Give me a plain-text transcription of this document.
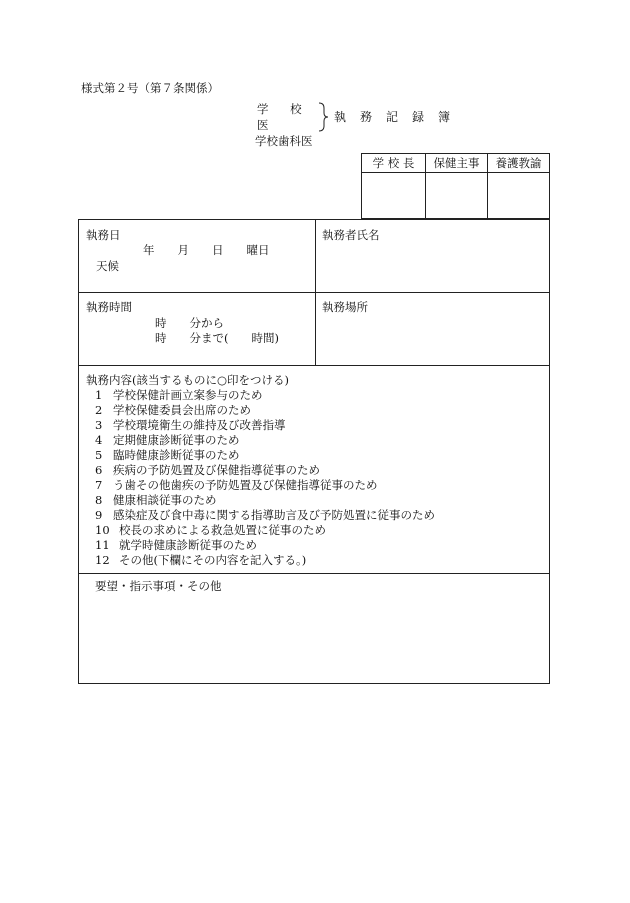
様式第２号（第７条関係）
学 校 医
学校歯科医
執務記録簿
学 校 長	保健主事	養護教諭

執務日
年　　月　　日　　曜日
天候
執務者氏名
執務時間
時　　分から
時　　分まで(　　時間)
執務場所
執務内容(該当するものに○印をつける)
1 学校保健計画立案参与のため
2 学校保健委員会出席のため
3 学校環境衛生の維持及び改善指導
4 定期健康診断従事のため
5 臨時健康診断従事のため
6 疾病の予防処置及び保健指導従事のため
7 う歯その他歯疾の予防処置及び保健指導従事のため
8 健康相談従事のため
9 感染症及び食中毒に関する指導助言及び予防処置に従事のため
10 校長の求めによる救急処置に従事のため
11 就学時健康診断従事のため
12 その他(下欄にその内容を記入する。)
要望・指示事項・その他
